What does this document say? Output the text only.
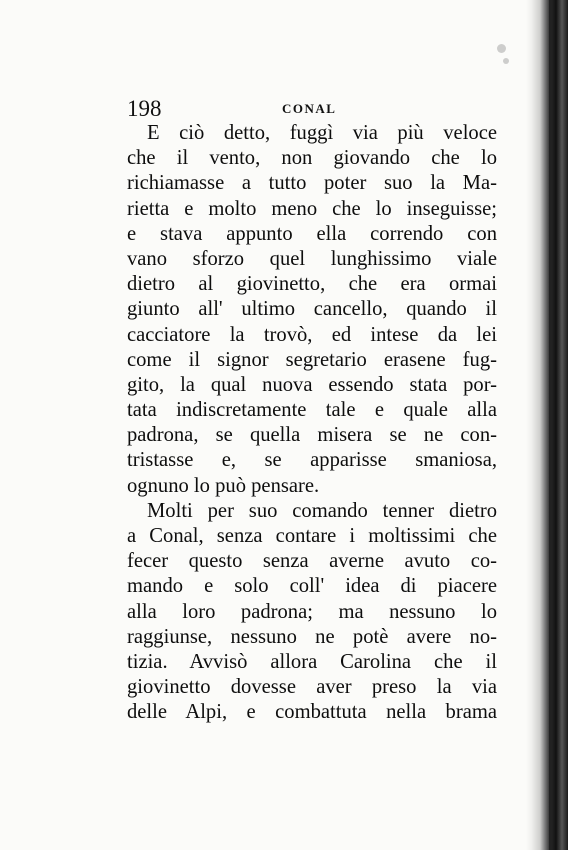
198	CONAL
E ciò detto, fuggì via più veloce
che il vento, non giovando che lo
richiamasse a tutto poter suo la Ma-
rietta e molto meno che lo inseguisse;
e stava appunto ella correndo con
vano sforzo quel lunghissimo viale
dietro al giovinetto, che era ormai
giunto all' ultimo cancello, quando il
cacciatore la trovò, ed intese da lei
come il signor segretario erasene fug-
gito, la qual nuova essendo stata por-
tata indiscretamente tale e quale alla
padrona, se quella misera se ne con-
tristasse e, se apparisse smaniosa,
ognuno lo può pensare.
Molti per suo comando tenner dietro
a Conal, senza contare i moltissimi che
fecer questo senza averne avuto co-
mando e solo coll' idea di piacere
alla loro padrona; ma nessuno lo
raggiunse, nessuno ne potè avere no-
tizia. Avvisò allora Carolina che il
giovinetto dovesse aver preso la via
delle Alpi, e combattuta nella brama
